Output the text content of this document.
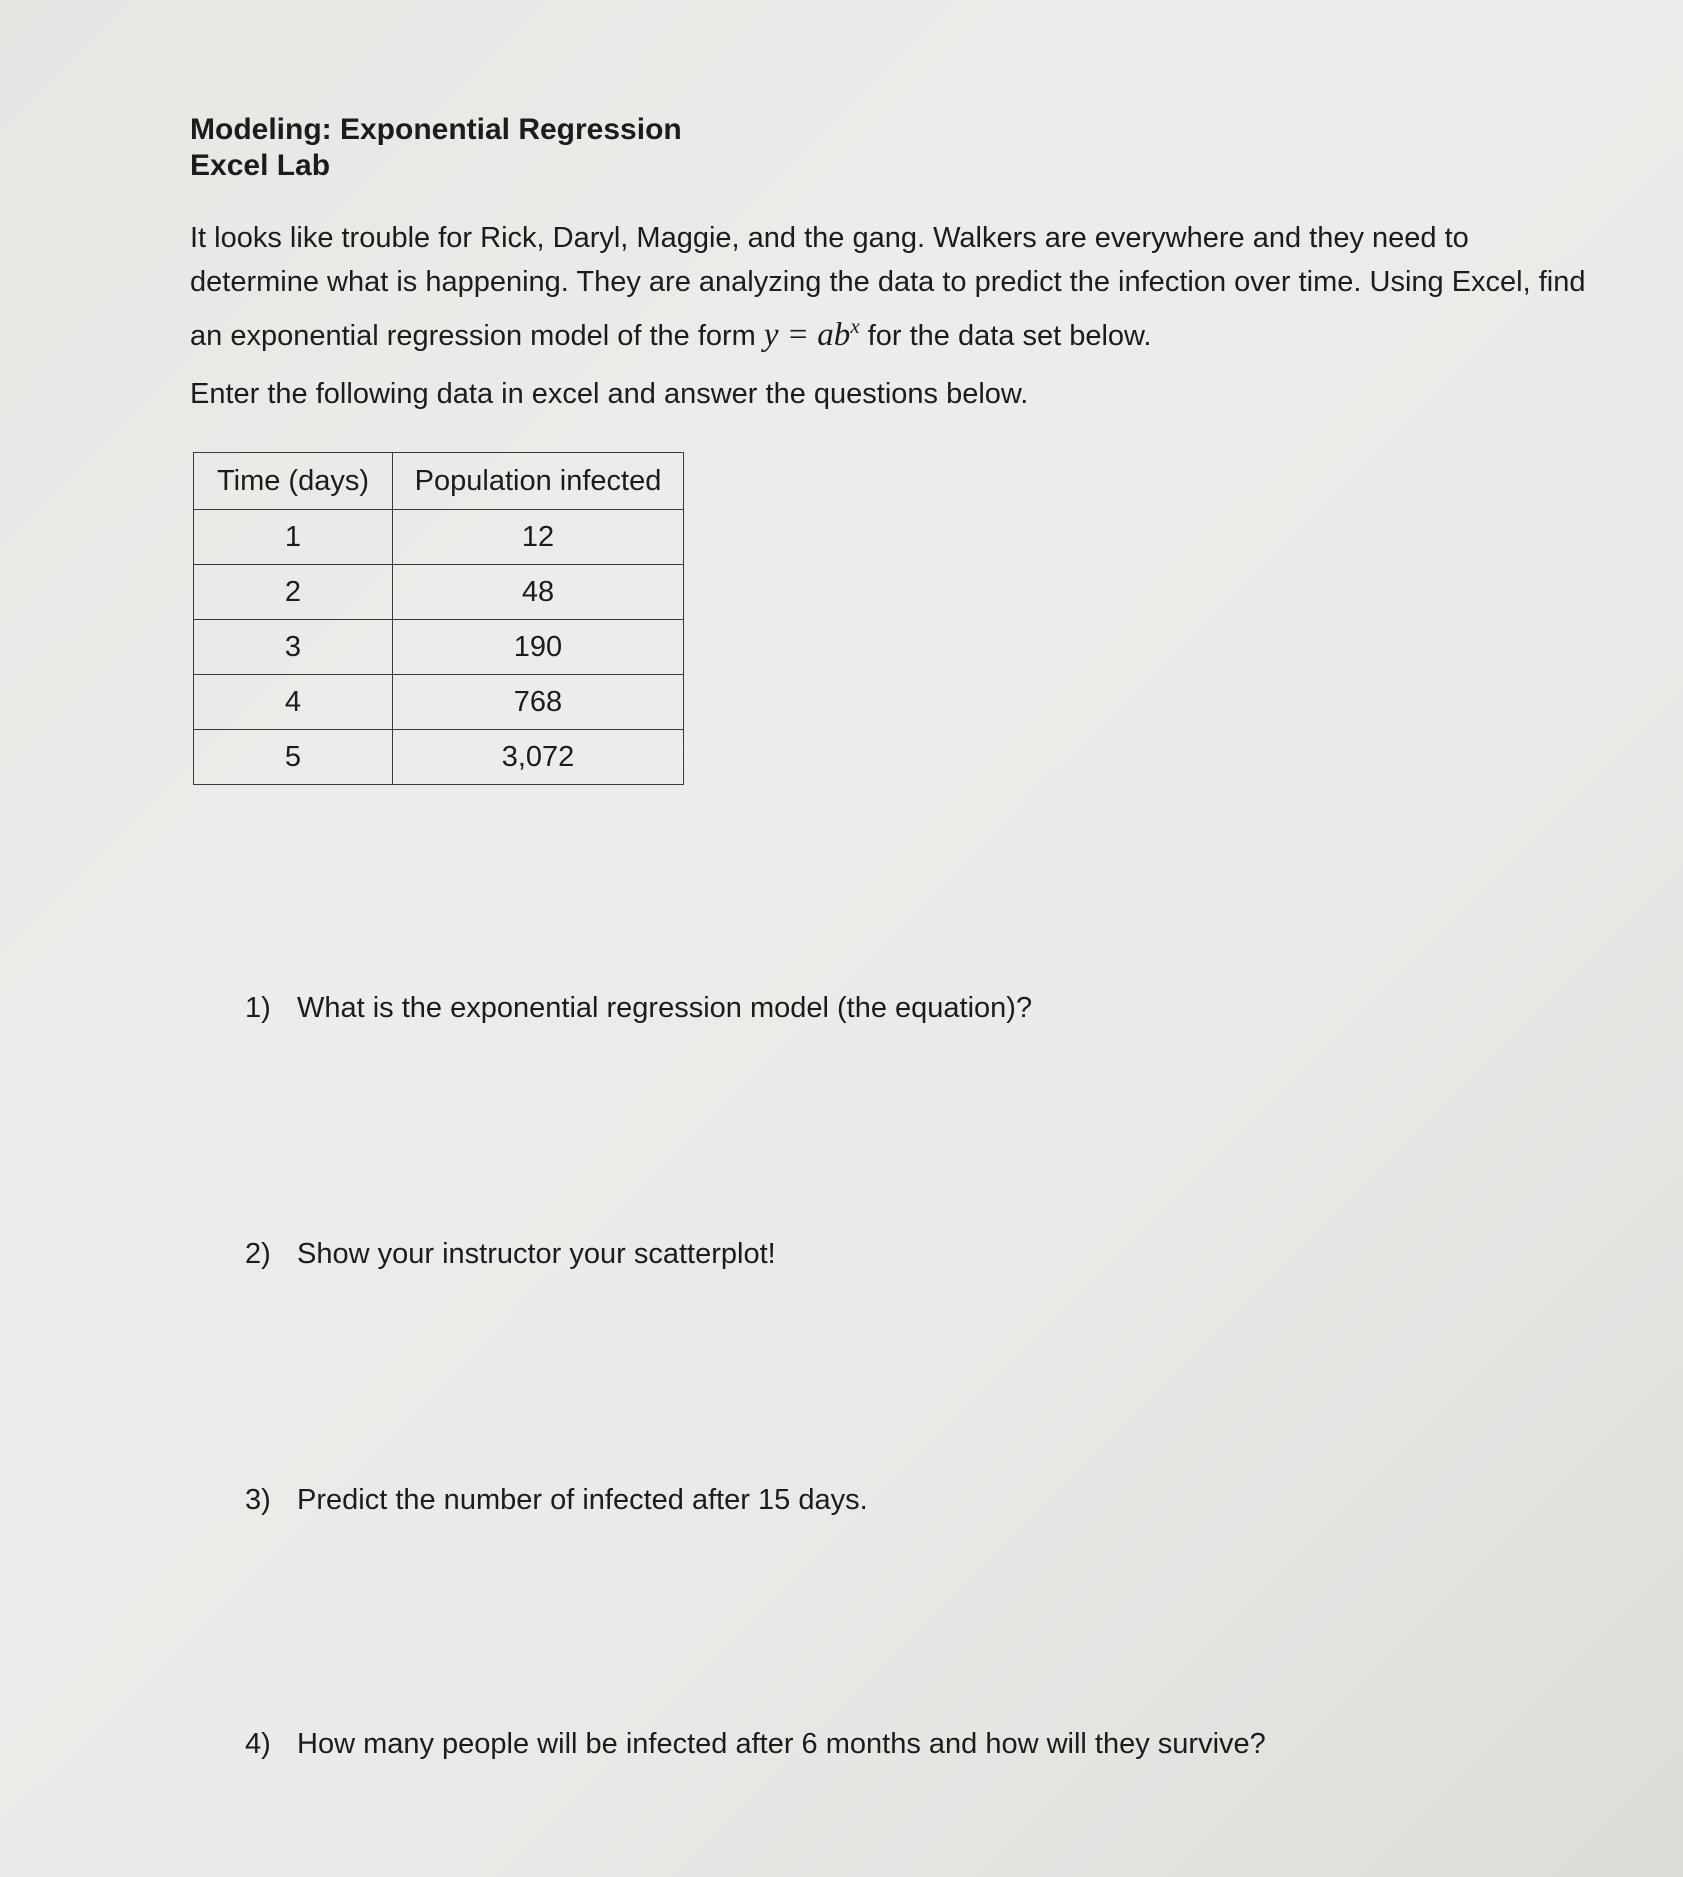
Modeling: Exponential Regression
Excel Lab

It looks like trouble for Rick, Daryl, Maggie, and the gang. Walkers are everywhere and they need to determine what is happening. They are analyzing the data to predict the infection over time. Using Excel, find an exponential regression model of the form $y = ab^x$ for the data set below.

Enter the following data in excel and answer the questions below.

Time (days)	Population infected
1	12
2	48
3	190
4	768
5	3,072
1) What is the exponential regression model (the equation)?
2) Show your instructor your scatterplot!
3) Predict the number of infected after 15 days.
4) How many people will be infected after 6 months and how will they survive?
